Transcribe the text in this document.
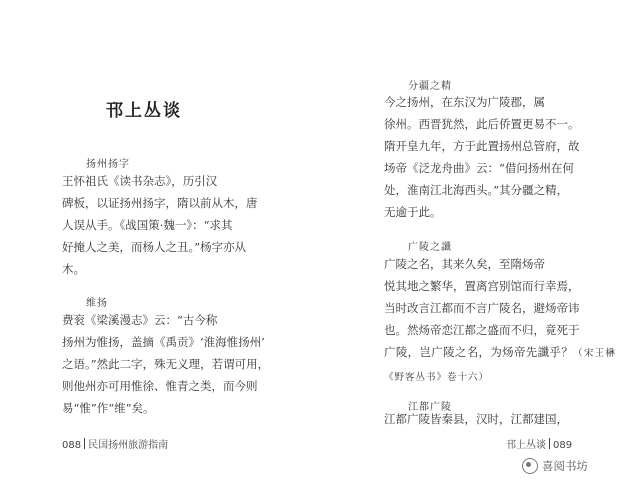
邗上丛谈
扬州扬字

王怀祖氏《读书杂志》，历引汉
碑板，以证扬州扬字，隋以前从木，唐
人误从手。《战国策·魏一》：“求其
好掩人之美，而杨人之丑。”杨字亦从
木。

维扬

费衮《梁溪漫志》云：“古今称
扬州为惟扬，盖摘《禹贡》‘淮海惟扬州’
之语。”然此二字，殊无义理，若谓可用，
则他州亦可用惟徐、惟青之类，而今则
易“惟”作“维”矣。

088 民国扬州旅游指南
分疆之精

今之扬州，在东汉为广陵郡，属
徐州。西晋犹然，此后侨置更易不一。
隋开皇九年，方于此置扬州总管府，故
场帝《泛龙舟曲》云：“借问扬州在何
处，淮南江北海西头。”其分疆之精，
无逾于此。

广陵之讖
广陵之名，其来久矣，至隋炀帝
悦其地之繁华，置离宫别馆而行幸焉，
当时改言江都而不言广陵名，避炀帝讳
也。然炀帝恋江都之盛而不归，竟死于
广陵，岂广陵之名，为炀帝先讖乎？（宋王楙《野客丛书》卷十六）
江都广陵

江都广陵皆秦县，汉时，江都建国，

邗上丛谈 089
喜阅书坊
